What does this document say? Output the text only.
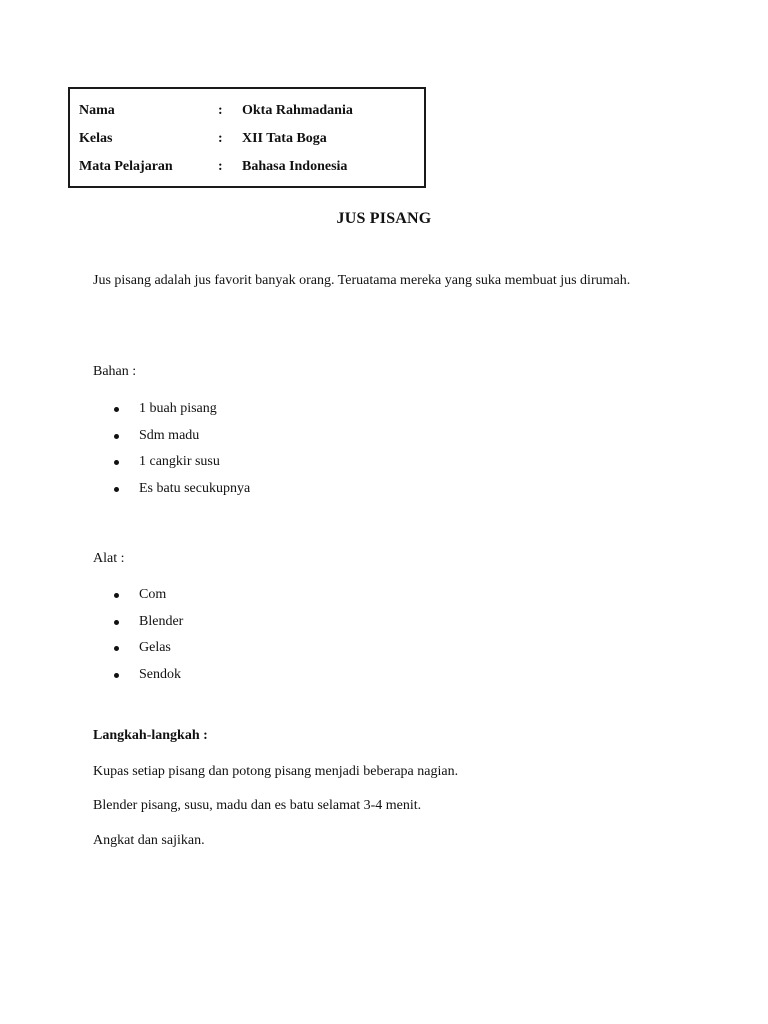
Nama	: Okta Rahmadania
Kelas	: XII Tata Boga
Mata Pelajaran	: Bahasa Indonesia
JUS PISANG
Jus pisang adalah jus favorit banyak orang. Teruatama mereka yang suka membuat jus dirumah.
Bahan :
1 buah pisang
Sdm madu
1 cangkir susu
Es batu secukupnya
Alat :
Com
Blender
Gelas
Sendok
Langkah-langkah :
Kupas setiap pisang dan potong pisang menjadi beberapa nagian.
Blender pisang, susu, madu dan es batu selamat 3-4 menit.
Angkat dan sajikan.
